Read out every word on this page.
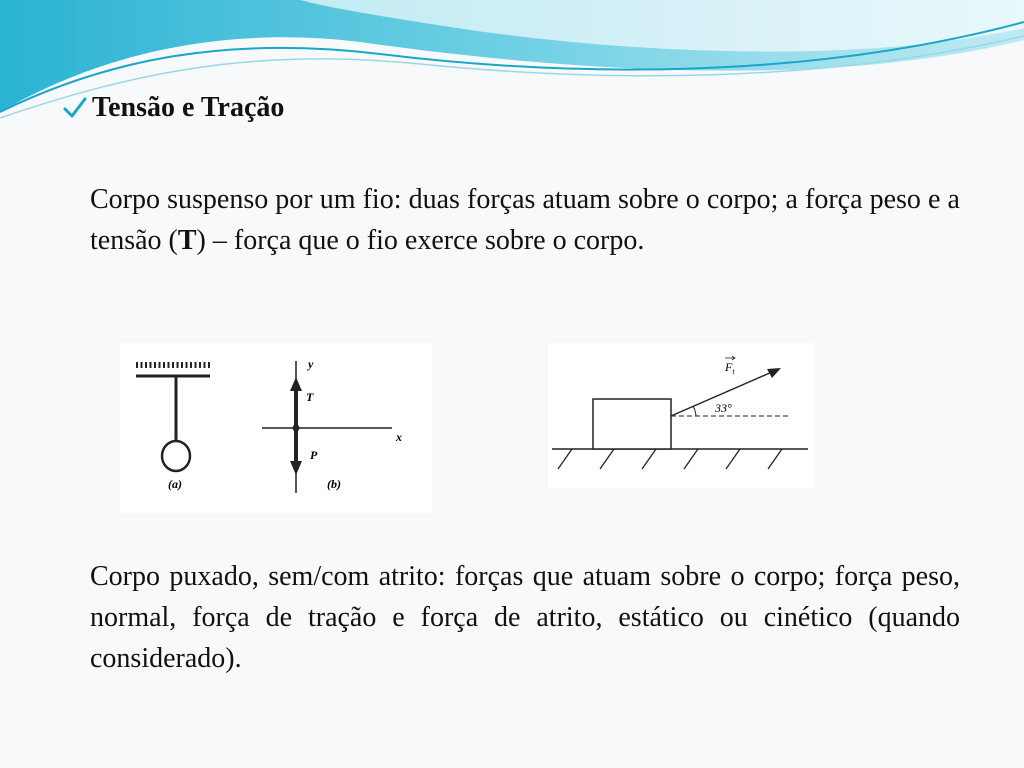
Tensão e Tração

Corpo suspenso por um fio: duas forças atuam sobre o corpo; a força peso e a tensão (T) – força que o fio exerce sobre o corpo.

(a)
y
x
T
P
(b)
33°
$F_t$

Corpo puxado, sem/com atrito: forças que atuam sobre o corpo; força peso, normal, força de tração e força de atrito, estático ou cinético (quando considerado).
